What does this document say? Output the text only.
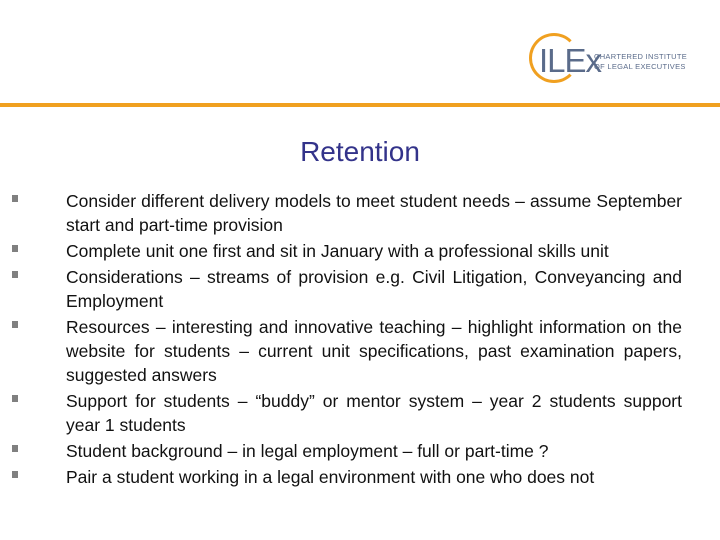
ILEx
CHARTERED INSTITUTE
OF LEGAL EXECUTIVES
Retention
Consider different delivery models to meet student needs – assume September start and part-time provision
Complete unit one first and sit in January with a professional skills unit
Considerations – streams of provision e.g. Civil Litigation, Conveyancing and Employment
Resources – interesting and innovative teaching – highlight information on the website for students – current unit specifications, past examination papers, suggested answers
Support for students – “buddy” or mentor system – year 2 students support year 1 students
Student background – in legal employment – full or part-time ?
Pair a student working in a legal environment with one who does not
